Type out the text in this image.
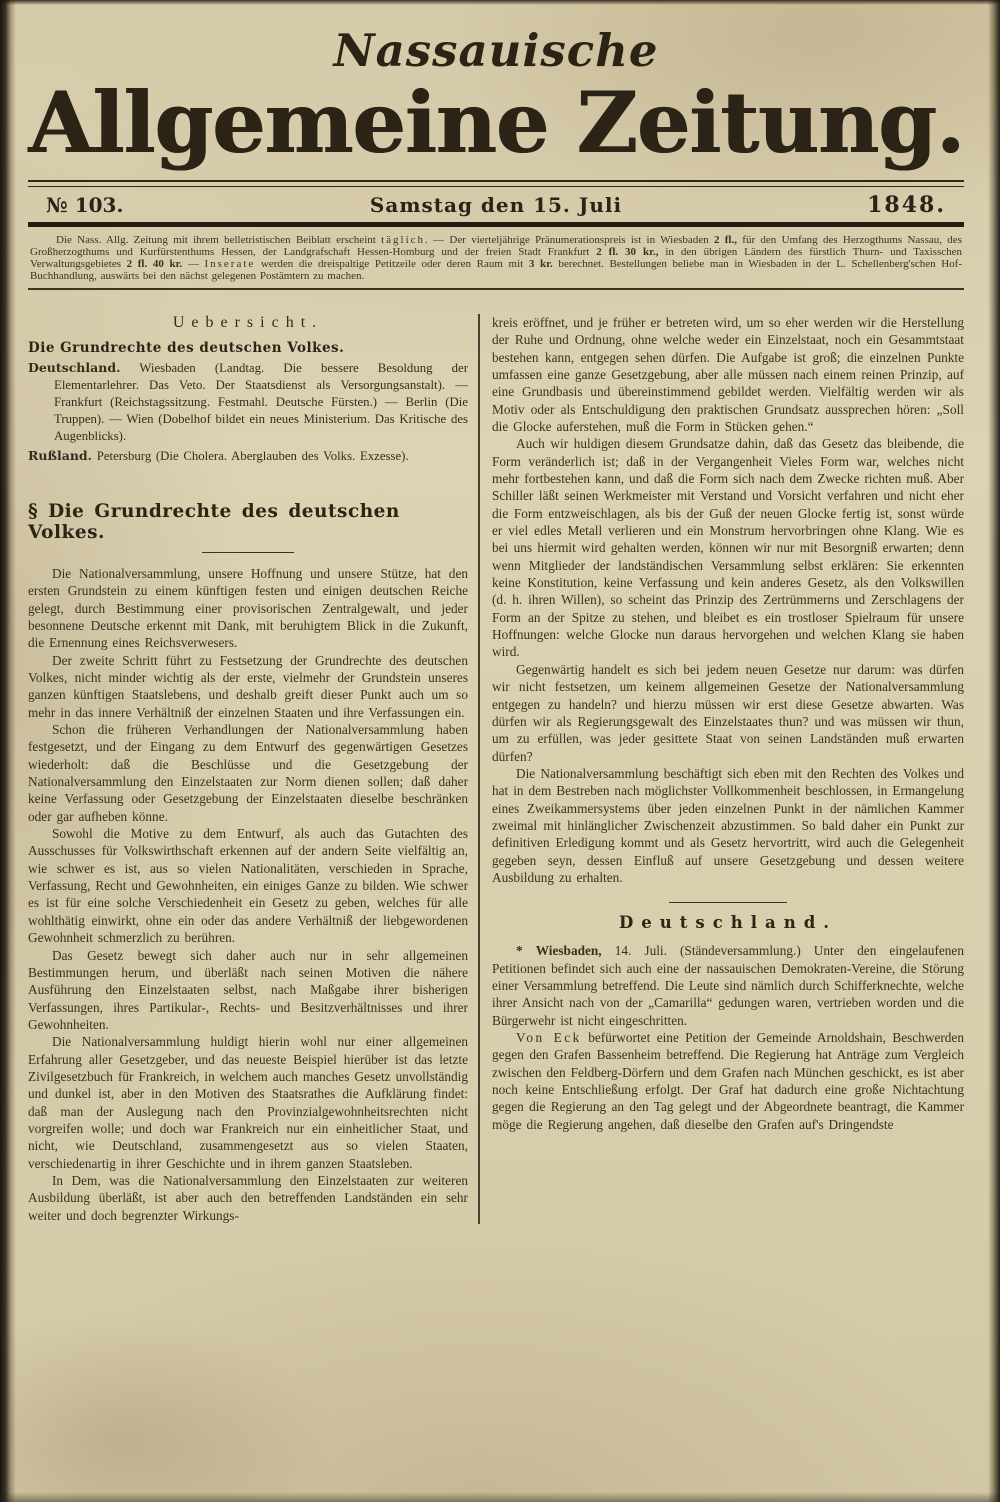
Nassauische
Allgemeine Zeitung.
№ 103.	Samstag den 15. Juli	1848.

Die Nass. Allg. Zeitung mit ihrem belletristischen Beiblatt erscheint täglich. — Der vierteljährige Pränumerationspreis ist in Wiesbaden 2 fl., für den Umfang des Herzogthums Nassau, des Großherzogthums und Kurfürstenthums Hessen, der Landgrafschaft Hessen-Homburg und der freien Stadt Frankfurt 2 fl. 30 kr., in den übrigen Ländern des fürstlich Thurn- und Taxisschen Verwaltungsgebietes 2 fl. 40 kr. — Inserate werden die dreispaltige Petitzeile oder deren Raum mit 3 kr. berechnet. Bestellungen beliebe man in Wiesbaden in der L. Schellenberg'schen Hof-Buchhandlung, auswärts bei den nächst gelegenen Postämtern zu machen.

Uebersicht.
Die Grundrechte des deutschen Volkes.

Deutschland. Wiesbaden (Landtag. Die bessere Besoldung der Elementarlehrer. Das Veto. Der Staatsdienst als Versorgungsanstalt). — Frankfurt (Reichstagssitzung. Festmahl. Deutsche Fürsten.) — Berlin (Die Truppen). — Wien (Dobelhof bildet ein neues Ministerium. Das Kritische des Augenblicks).

Rußland. Petersburg (Die Cholera. Aberglauben des Volks. Exzesse).

§ Die Grundrechte des deutschen Volkes.

Die Nationalversammlung, unsere Hoffnung und unsere Stütze, hat den ersten Grundstein zu einem künftigen festen und einigen deutschen Reiche gelegt, durch Bestimmung einer provisorischen Zentralgewalt, und jeder besonnene Deutsche erkennt mit Dank, mit beruhigtem Blick in die Zukunft, die Ernennung eines Reichsverwesers.

Der zweite Schritt führt zu Festsetzung der Grundrechte des deutschen Volkes, nicht minder wichtig als der erste, vielmehr der Grundstein unseres ganzen künftigen Staatslebens, und deshalb greift dieser Punkt auch um so mehr in das innere Verhältniß der einzelnen Staaten und ihre Verfassungen ein.

Schon die früheren Verhandlungen der Nationalversammlung haben festgesetzt, und der Eingang zu dem Entwurf des gegenwärtigen Gesetzes wiederholt: daß die Beschlüsse und die Gesetzgebung der Nationalversammlung den Einzelstaaten zur Norm dienen sollen; daß daher keine Verfassung oder Gesetzgebung der Einzelstaaten dieselbe beschränken oder gar aufheben könne.

Sowohl die Motive zu dem Entwurf, als auch das Gutachten des Ausschusses für Volkswirthschaft erkennen auf der andern Seite vielfältig an, wie schwer es ist, aus so vielen Nationalitäten, verschieden in Sprache, Verfassung, Recht und Gewohnheiten, ein einiges Ganze zu bilden. Wie schwer es ist für eine solche Verschiedenheit ein Gesetz zu geben, welches für alle wohlthätig einwirkt, ohne ein oder das andere Verhältniß der liebgewordenen Gewohnheit schmerzlich zu berühren.

Das Gesetz bewegt sich daher auch nur in sehr allgemeinen Bestimmungen herum, und überläßt nach seinen Motiven die nähere Ausführung den Einzelstaaten selbst, nach Maßgabe ihrer bisherigen Verfassungen, ihres Partikular-, Rechts- und Besitzverhältnisses und ihrer Gewohnheiten.

Die Nationalversammlung huldigt hierin wohl nur einer allgemeinen Erfahrung aller Gesetzgeber, und das neueste Beispiel hierüber ist das letzte Zivilgesetzbuch für Frankreich, in welchem auch manches Gesetz unvollständig und dunkel ist, aber in den Motiven des Staatsrathes die Aufklärung findet: daß man der Auslegung nach den Provinzialgewohnheitsrechten nicht vorgreifen wolle; und doch war Frankreich nur ein einheitlicher Staat, und nicht, wie Deutschland, zusammengesetzt aus so vielen Staaten, verschiedenartig in ihrer Geschichte und in ihrem ganzen Staatsleben.

In Dem, was die Nationalversammlung den Einzelstaaten zur weiteren Ausbildung überläßt, ist aber auch den betreffenden Landständen ein sehr weiter und doch begrenzter Wirkungs-

kreis eröffnet, und je früher er betreten wird, um so eher werden wir die Herstellung der Ruhe und Ordnung, ohne welche weder ein Einzelstaat, noch ein Gesammtstaat bestehen kann, entgegen sehen dürfen. Die Aufgabe ist groß; die einzelnen Punkte umfassen eine ganze Gesetzgebung, aber alle müssen nach einem reinen Prinzip, auf eine Grundbasis und übereinstimmend gebildet werden. Vielfältig werden wir als Motiv oder als Entschuldigung den praktischen Grundsatz aussprechen hören: „Soll die Glocke auferstehen, muß die Form in Stücken gehen.“

Auch wir huldigen diesem Grundsatze dahin, daß das Gesetz das bleibende, die Form veränderlich ist; daß in der Vergangenheit Vieles Form war, welches nicht mehr fortbestehen kann, und daß die Form sich nach dem Zwecke richten muß. Aber Schiller läßt seinen Werkmeister mit Verstand und Vorsicht verfahren und nicht eher die Form entzweischlagen, als bis der Guß der neuen Glocke fertig ist, sonst würde er viel edles Metall verlieren und ein Monstrum hervorbringen ohne Klang. Wie es bei uns hiermit wird gehalten werden, können wir nur mit Besorgniß erwarten; denn wenn Mitglieder der landständischen Versammlung selbst erklären: Sie erkennten keine Konstitution, keine Verfassung und kein anderes Gesetz, als den Volkswillen (d. h. ihren Willen), so scheint das Prinzip des Zertrümmerns und Zerschlagens der Form an der Spitze zu stehen, und bleibet es ein trostloser Spielraum für unsere Hoffnungen: welche Glocke nun daraus hervorgehen und welchen Klang sie haben wird.

Gegenwärtig handelt es sich bei jedem neuen Gesetze nur darum: was dürfen wir nicht festsetzen, um keinem allgemeinen Gesetze der Nationalversammlung entgegen zu handeln? und hierzu müssen wir erst diese Gesetze abwarten. Was dürfen wir als Regierungsgewalt des Einzelstaates thun? und was müssen wir thun, um zu erfüllen, was jeder gesittete Staat von seinen Landständen muß erwarten dürfen?

Die Nationalversammlung beschäftigt sich eben mit den Rechten des Volkes und hat in dem Bestreben nach möglichster Vollkommenheit beschlossen, in Ermangelung eines Zweikammersystems über jeden einzelnen Punkt in der nämlichen Kammer zweimal mit hinlänglicher Zwischenzeit abzustimmen. So bald daher ein Punkt zur definitiven Erledigung kommt und als Gesetz hervortritt, wird auch die Gelegenheit gegeben seyn, dessen Einfluß auf unsere Gesetzgebung und dessen weitere Ausbildung zu erhalten.

Deutschland.

* Wiesbaden, 14. Juli. (Ständeversammlung.) Unter den eingelaufenen Petitionen befindet sich auch eine der nassauischen Demokraten-Vereine, die Störung einer Versammlung betreffend. Die Leute sind nämlich durch Schifferknechte, welche ihrer Ansicht nach von der „Camarilla“ gedungen waren, vertrieben worden und die Bürgerwehr ist nicht eingeschritten.

Von Eck befürwortet eine Petition der Gemeinde Arnoldshain, Beschwerden gegen den Grafen Bassenheim betreffend. Die Regierung hat Anträge zum Vergleich zwischen den Feldberg-Dörfern und dem Grafen nach München geschickt, es ist aber noch keine Entschließung erfolgt. Der Graf hat dadurch eine große Nichtachtung gegen die Regierung an den Tag gelegt und der Abgeordnete beantragt, die Kammer möge die Regierung angehen, daß dieselbe den Grafen auf's Dringendste
